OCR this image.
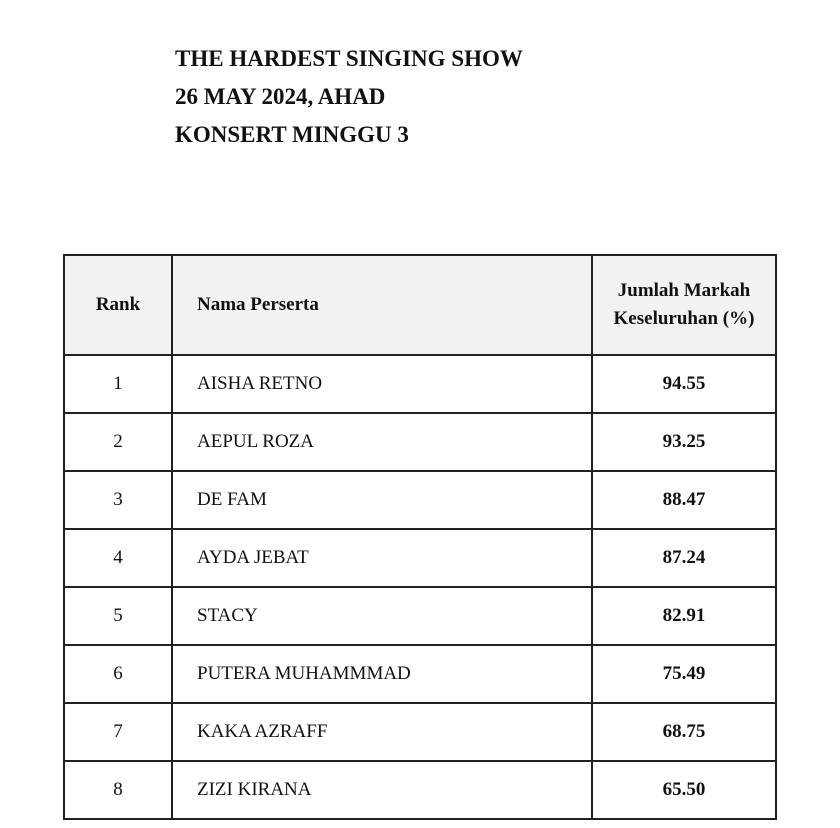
THE HARDEST SINGING SHOW
26 MAY 2024, AHAD
KONSERT MINGGU 3
Rank	Nama Perserta	Jumlah Markah
Keseluruhan (%)
1	AISHA RETNO	94.55
2	AEPUL ROZA	93.25
3	DE FAM	88.47
4	AYDA JEBAT	87.24
5	STACY	82.91
6	PUTERA MUHAMMMAD	75.49
7	KAKA AZRAFF	68.75
8	ZIZI KIRANA	65.50
